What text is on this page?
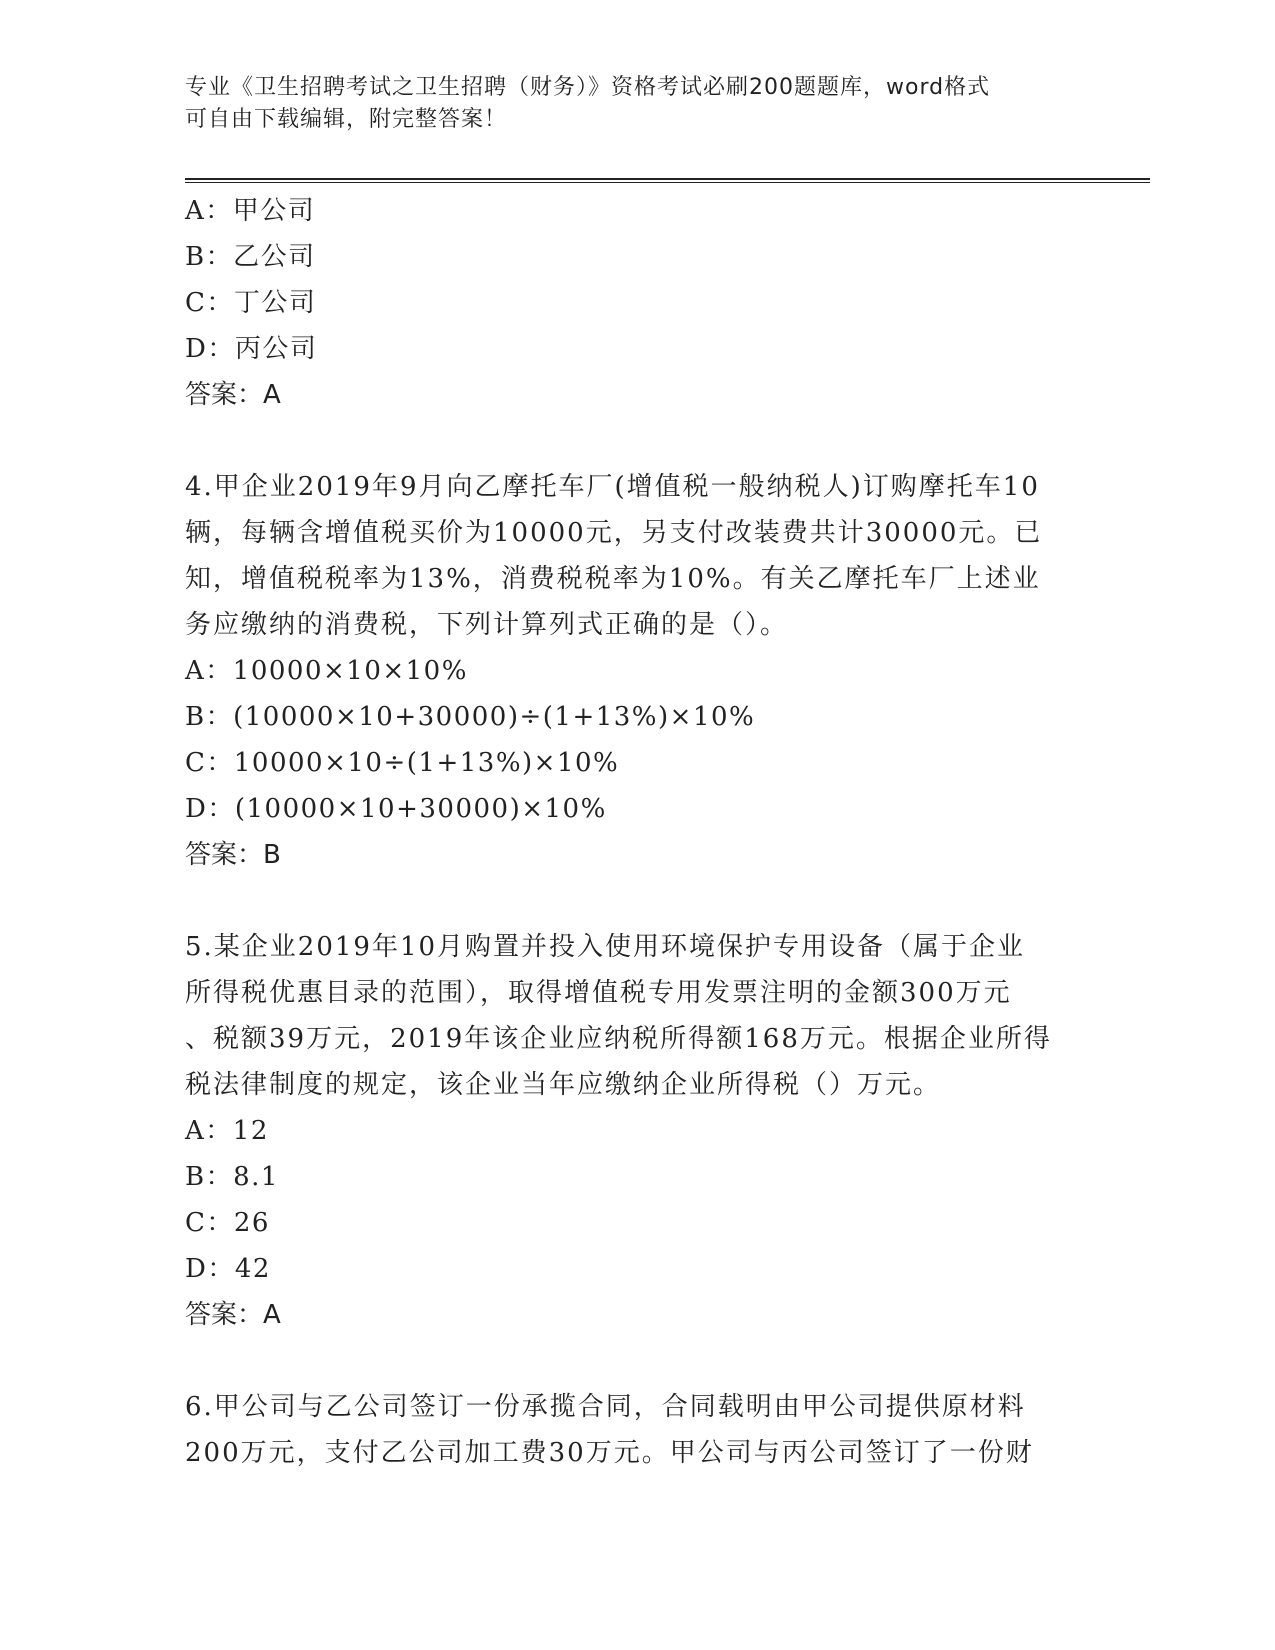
专业《卫生招聘考试之卫生招聘（财务）》资格考试必刷200题题库，word格式
可自由下载编辑，附完整答案！
A：甲公司
B：乙公司
C：丁公司
D：丙公司
答案：A
4.甲企业2019年9月向乙摩托车厂(增值税一般纳税人)订购摩托车10
辆，每辆含增值税买价为10000元，另支付改装费共计30000元。已
知，增值税税率为13%，消费税税率为10%。有关乙摩托车厂上述业
务应缴纳的消费税，下列计算列式正确的是（）。
A：10000×10×10%
B：(10000×10+30000)÷(1+13%)×10%
C：10000×10÷(1+13%)×10%
D：(10000×10+30000)×10%
答案：B
5.某企业2019年10月购置并投入使用环境保护专用设备（属于企业
所得税优惠目录的范围），取得增值税专用发票注明的金额300万元
、税额39万元，2019年该企业应纳税所得额168万元。根据企业所得
税法律制度的规定，该企业当年应缴纳企业所得税（）万元。
A：12
B：8.1
C：26
D：42
答案：A
6.甲公司与乙公司签订一份承揽合同，合同载明由甲公司提供原材料
200万元，支付乙公司加工费30万元。甲公司与丙公司签订了一份财
